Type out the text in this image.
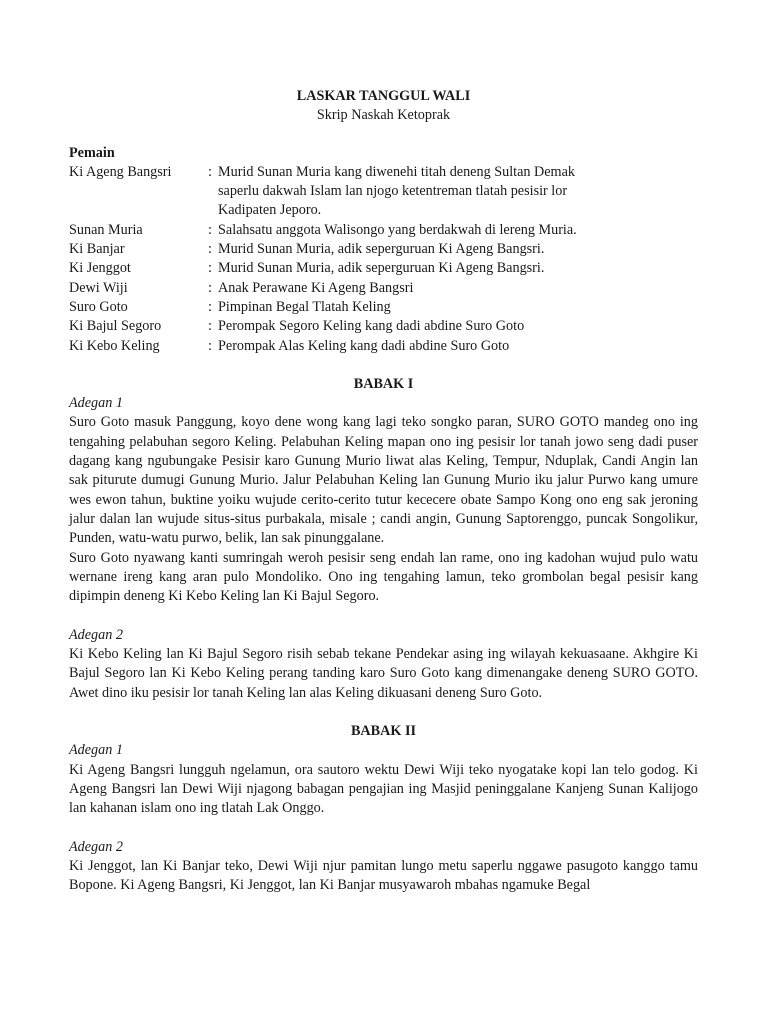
LASKAR TANGGUL WALI

Skrip Naskah Ketoprak

Pemain

Ki Ageng Bangsri	: Murid Sunan Muria kang diwenehi titah deneng Sultan Demak saperlu dakwah Islam lan njogo ketentreman tlatah pesisir lor Kadipaten Jeporo.
Sunan Muria	: Salahsatu anggota Walisongo yang berdakwah di lereng Muria.
Ki Banjar	: Murid Sunan Muria, adik seperguruan Ki Ageng Bangsri.
Ki Jenggot	: Murid Sunan Muria, adik seperguruan Ki Ageng Bangsri.
Dewi Wiji	: Anak Perawane Ki Ageng Bangsri
Suro Goto	: Pimpinan Begal Tlatah Keling
Ki Bajul Segoro	: Perompak Segoro Keling kang dadi abdine Suro Goto
Ki Kebo Keling	: Perompak Alas Keling kang dadi abdine Suro Goto

BABAK I

Adegan 1

Suro Goto masuk Panggung, koyo dene wong kang lagi teko songko paran, SURO GOTO mandeg ono ing tengahing pelabuhan segoro Keling. Pelabuhan Keling mapan ono ing pesisir lor tanah jowo seng dadi puser dagang kang ngubungake Pesisir karo Gunung Murio liwat alas Keling, Tempur, Nduplak, Candi Angin lan sak piturute dumugi Gunung Murio. Jalur Pelabuhan Keling lan Gunung Murio iku jalur Purwo kang umure wes ewon tahun, buktine yoiku wujude cerito-cerito tutur kececere obate Sampo Kong ono eng sak jeroning jalur dalan lan wujude situs-situs purbakala, misale ; candi angin, Gunung Saptorenggo, puncak Songolikur, Punden, watu-watu purwo, belik, lan sak pinunggalane.

Suro Goto nyawang kanti sumringah weroh pesisir seng endah lan rame, ono ing kadohan wujud pulo watu wernane ireng kang aran pulo Mondoliko. Ono ing tengahing lamun, teko grombolan begal pesisir kang dipimpin deneng Ki Kebo Keling lan Ki Bajul Segoro.

Adegan 2

Ki Kebo Keling lan Ki Bajul Segoro risih sebab tekane Pendekar asing ing wilayah kekuasaane. Akhgire Ki Bajul Segoro lan Ki Kebo Keling perang tanding karo Suro Goto kang dimenangake deneng SURO GOTO. Awet dino iku pesisir lor tanah Keling lan alas Keling dikuasani deneng Suro Goto.

BABAK II

Adegan 1

Ki Ageng Bangsri lungguh ngelamun, ora sautoro wektu Dewi Wiji teko nyogatake kopi lan telo godog. Ki Ageng Bangsri lan Dewi Wiji njagong babagan pengajian ing Masjid peninggalane Kanjeng Sunan Kalijogo lan kahanan islam ono ing tlatah Lak Onggo.

Adegan 2

Ki Jenggot, lan Ki Banjar teko, Dewi Wiji njur pamitan lungo metu saperlu nggawe pasugoto kanggo tamu Bopone. Ki Ageng Bangsri, Ki Jenggot, lan Ki Banjar musyawaroh mbahas ngamuke Begal
